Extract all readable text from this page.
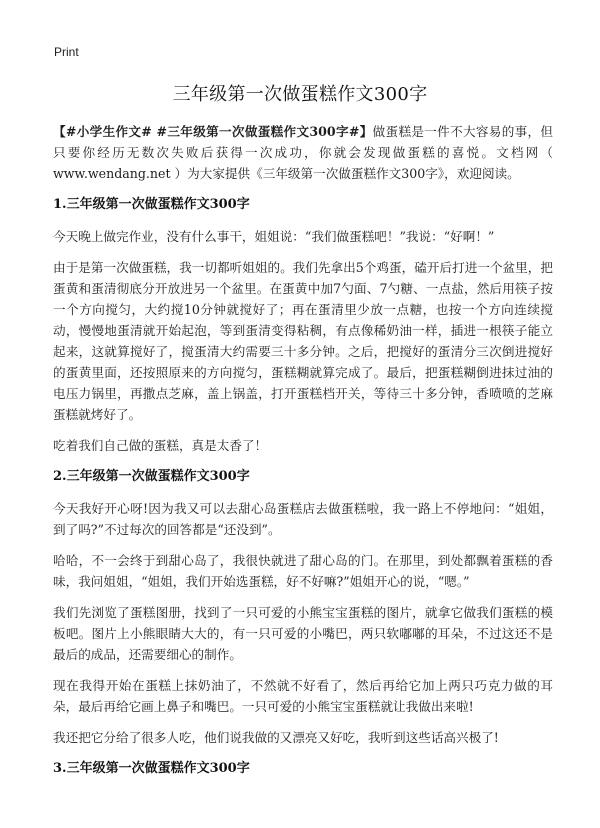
Print
三年级第一次做蛋糕作文300字

【#小学生作文# #三年级第一次做蛋糕作文300字#】做蛋糕是一件不大容易的事，但只要你经历无数次失败后获得一次成功，你就会发现做蛋糕的喜悦。文档网（ www.wendang.net ）为大家提供《三年级第一次做蛋糕作文300字》，欢迎阅读。

1.三年级第一次做蛋糕作文300字

今天晚上做完作业，没有什么事干，姐姐说：“我们做蛋糕吧！”我说：“好啊！”

由于是第一次做蛋糕，我一切都听姐姐的。我们先拿出5个鸡蛋，磕开后打进一个盆里，把蛋黄和蛋清彻底分开放进另一个盆里。在蛋黄中加7勺面、7勺糖、一点盐，然后用筷子按一个方向搅匀，大约搅10分钟就搅好了；再在蛋清里少放一点糖，也按一个方向连续搅动，慢慢地蛋清就开始起泡，等到蛋清变得粘稠，有点像稀奶油一样，插进一根筷子能立起来，这就算搅好了，搅蛋清大约需要三十多分钟。之后，把搅好的蛋清分三次倒进搅好的蛋黄里面，还按照原来的方向搅匀，蛋糕糊就算完成了。最后，把蛋糕糊倒进抹过油的电压力锅里，再撒点芝麻，盖上锅盖，打开蛋糕档开关，等待三十多分钟，香喷喷的芝麻蛋糕就烤好了。

吃着我们自己做的蛋糕，真是太香了！

2.三年级第一次做蛋糕作文300字

今天我好开心呀!因为我又可以去甜心岛蛋糕店去做蛋糕啦，我一路上不停地问：“姐姐，到了吗?”不过每次的回答都是“还没到”。

哈哈，不一会终于到甜心岛了，我很快就进了甜心岛的门。在那里，到处都飘着蛋糕的香味，我问姐姐，“姐姐，我们开始选蛋糕，好不好嘛?”姐姐开心的说，“嗯。”

我们先浏览了蛋糕图册，找到了一只可爱的小熊宝宝蛋糕的图片，就拿它做我们蛋糕的模板吧。图片上小熊眼睛大大的，有一只可爱的小嘴巴，两只软嘟嘟的耳朵，不过这还不是最后的成品，还需要细心的制作。

现在我得开始在蛋糕上抹奶油了，不然就不好看了，然后再给它加上两只巧克力做的耳朵，最后再给它画上鼻子和嘴巴。一只可爱的小熊宝宝蛋糕就让我做出来啦!

我还把它分给了很多人吃，他们说我做的又漂亮又好吃，我听到这些话高兴极了!

3.三年级第一次做蛋糕作文300字
